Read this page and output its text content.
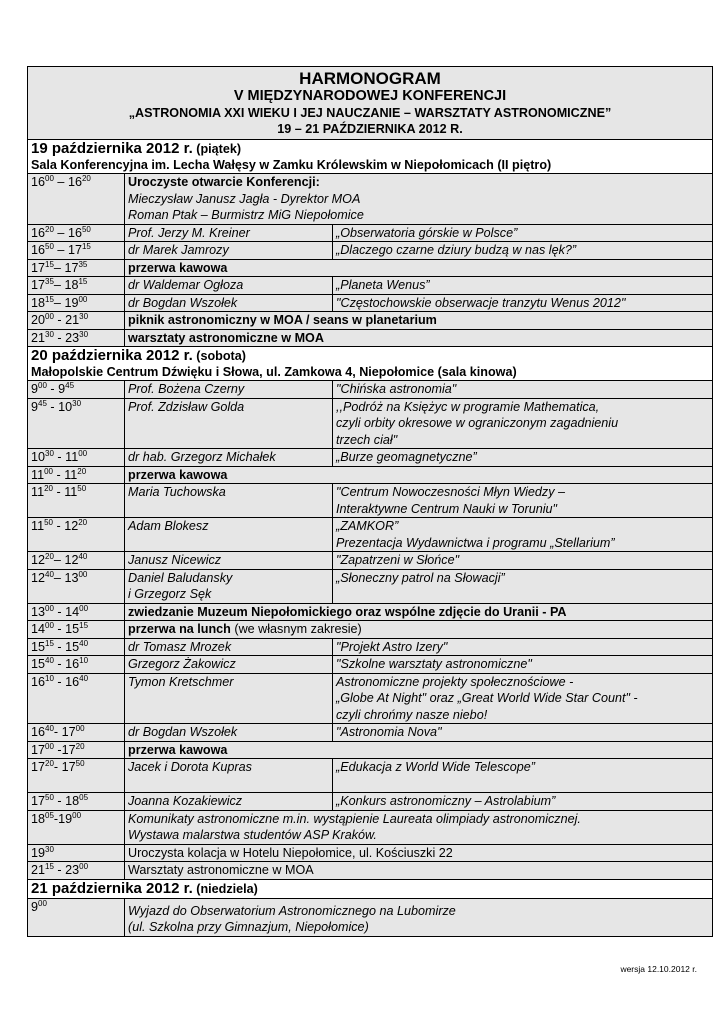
HARMONOGRAM
V MIĘDZYNARODOWEJ KONFERENCJI
„ASTRONOMIA XXI WIEKU I JEJ NAUCZANIE – WARSZTATY ASTRONOMICZNE”
19 – 21 PAŹDZIERNIKA 2012 R.		

19 października 2012 r. (piątek)
Sala Konferencyjna im. Lecha Wałęsy w Zamku Królewskim w Niepołomicach (II piętro)		

$16^{00} - 16^{20}$	Uroczyste otwarcie Konferencji:
Mieczysław Janusz Jagła - Dyrektor MOA
Roman Ptak – Burmistrz MiG Niepołomice	

$16^{20} - 16^{50}$	Prof. Jerzy M. Kreiner	„Obserwatoria górskie w Polsce”
$16^{50} - 17^{15}$	dr Marek Jamrozy	„Dlaczego czarne dziury budzą w nas lęk?”
$17^{15}-$ $17^{35}$	przerwa kawowa	
$17^{35}-$ $18^{15}$	dr Waldemar Ogłoza	„Planeta Wenus”
$18^{15}-$ $19^{00}$	dr Bogdan Wszołek	"Częstochowskie obserwacje tranzytu Wenus 2012"
$20^{00} - 21^{30}$	piknik astronomiczny w MOA / seans w planetarium	
$21^{30} - 23^{30}$	warsztaty astronomiczne w MOA	

20 października 2012 r. (sobota)
Małopolskie Centrum Dźwięku i Słowa, ul. Zamkowa 4, Niepołomice (sala kinowa)		

$9^{00} - 9^{45}$	Prof. Bożena Czerny	"Chińska astronomia"
$9^{45} - 10^{30}$	Prof. Zdzisław Golda	,,Podróż na Księżyc w programie Mathematica,
czyli orbity okresowe w ograniczonym zagadnieniu
trzech ciał"

$10^{30} - 11^{00}$	dr hab. Grzegorz Michałek	„Burze geomagnetyczne”
$11^{00} - 11^{20}$	przerwa kawowa	
$11^{20} - 11^{50}$	Maria Tuchowska	"Centrum Nowoczesności Młyn Wiedzy –
Interaktywne Centrum Nauki w Toruniu"

$11^{50} - 12^{20}$	Adam Blokesz	„ZAMKOR”
Prezentacja Wydawnictwa i programu „Stellarium”

$12^{20}-$ $12^{40}$	Janusz Nicewicz	"Zapatrzeni w Słońce"
$12^{40}-$ $13^{00}$	Daniel Baludansky
i Grzegorz Sęk	„Słoneczny patrol na Słowacji”
$13^{00} - 14^{00}$	zwiedzanie Muzeum Niepołomickiego oraz wspólne zdjęcie do Uranii - PA	
$14^{00} - 15^{15}$	przerwa na lunch (we własnym zakresie)	
$15^{15} - 15^{40}$	dr Tomasz Mrozek	"Projekt Astro Izery"
$15^{40} - 16^{10}$	Grzegorz Żakowicz	"Szkolne warsztaty astronomiczne"
$16^{10} - 16^{40}$	Tymon Kretschmer	Astronomiczne projekty społecznościowe -
„Globe At Night" oraz „Great World Wide Star Count" -
czyli chrońmy nasze niebo!

$16^{40}-$ $17^{00}$	dr Bogdan Wszołek	"Astronomia Nova"
$17^{00}$ $-17^{20}$	przerwa kawowa	
$17^{20}-$ $17^{50}$	Jacek i Dorota Kupras	„Edukacja z World Wide Telescope”
$17^{50} - 18^{05}$	Joanna Kozakiewicz	„Konkurs astronomiczny – Astrolabium”
$18^{05}-19^{00}$	Komunikaty astronomiczne m.in. wystąpienie Laureata olimpiady astronomicznej.
Wystawa malarstwa studentów ASP Kraków.	

$19^{30}$	Uroczysta kolacja w Hotelu Niepołomice, ul. Kościuszki 22	
$21^{15} - 23^{00}$	Warsztaty astronomiczne w MOA	

21 października 2012 r. (niedziela)		

$9^{00}$	Wyjazd do Obserwatorium Astronomicznego na Lubomirze
(ul. Szkolna przy Gimnazjum, Niepołomice)	
wersja 12.10.2012 r.
